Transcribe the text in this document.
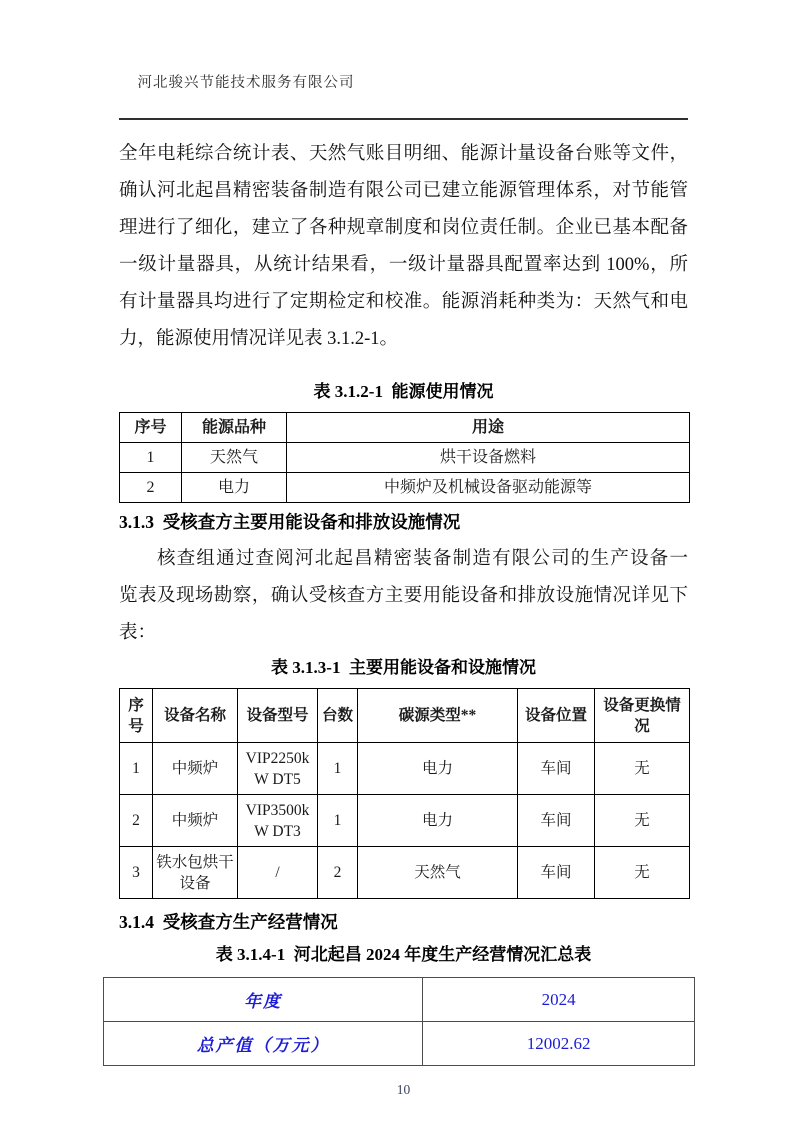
河北骏兴节能技术服务有限公司

全年电耗综合统计表、天然气账目明细、能源计量设备台账等文件，
确认河北起昌精密装备制造有限公司已建立能源管理体系，对节能管
理进行了细化，建立了各种规章制度和岗位责任制。企业已基本配备
一级计量器具，从统计结果看，一级计量器具配置率达到 100%，所
有计量器具均进行了定期检定和校准。能源消耗种类为：天然气和电
力，能源使用情况详见表 3.1.2-1。
表 3.1.2-1  能源使用情况
序号	能源品种	用途
1	天然气	烘干设备燃料
2	电力	中频炉及机械设备驱动能源等
3.1.3  受核查方主要用能设备和排放设施情况
核查组通过查阅河北起昌精密装备制造有限公司的生产设备一
览表及现场勘察，确认受核查方主要用能设备和排放设施情况详见下
表：
表 3.1.3-1  主要用能设备和设施情况
序号	设备名称	设备型号	台数	碳源类型**	设备位置	设备更换情况
1	中频炉	VIP2250kW DT5	1	电力	车间	无
2	中频炉	VIP3500kW DT3	1	电力	车间	无
3	铁水包烘干设备	/	2	天然气	车间	无
3.1.4  受核查方生产经营情况
表 3.1.4-1  河北起昌 2024 年度生产经营情况汇总表
年度	2024
总产值（万元）	12002.62
10
